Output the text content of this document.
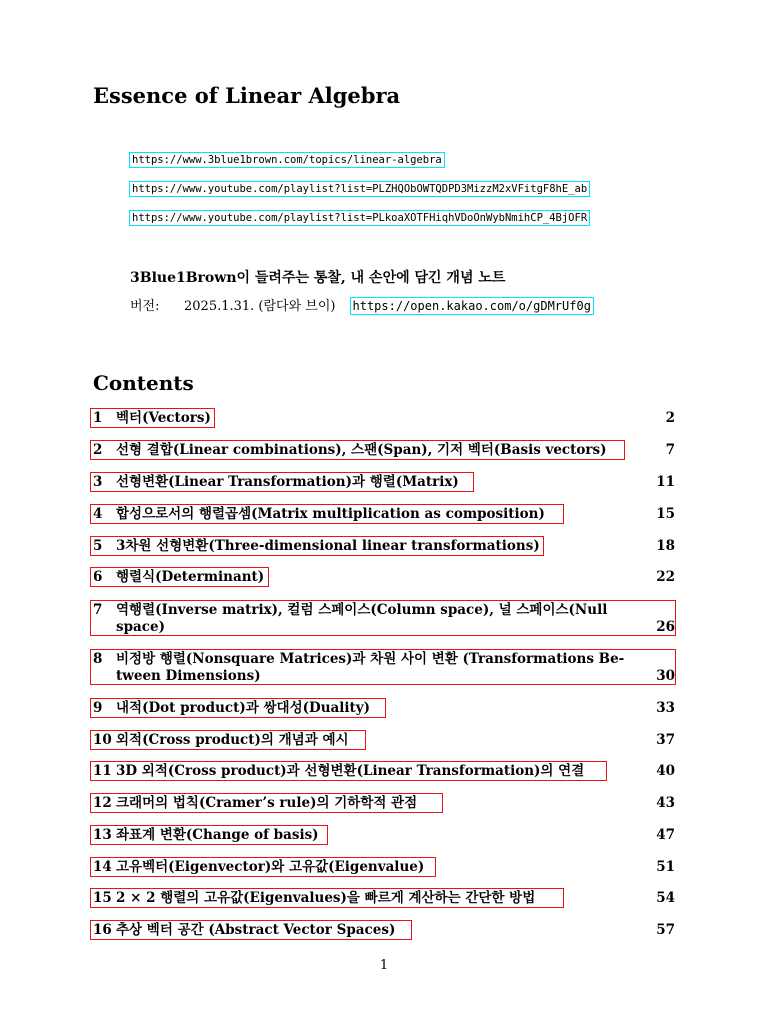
Essence of Linear Algebra
https://www.3blue1brown.com/topics/linear-algebra
https://www.youtube.com/playlist?list=PLZHQObOWTQDPD3MizzM2xVFitgF8hE_ab
https://www.youtube.com/playlist?list=PLkoaXOTFHiqhVDoOnWybNmihCP_4BjOFR
3Blue1Brown이 들려주는 통찰, 내 손안에 담긴 개념 노트
버전: 2025.1.31. (람다와 브이) https://open.kakao.com/o/gDMrUf0g
Contents
1 벡터(Vectors)	2
2 선형 결합(Linear combinations), 스팬(Span), 기저 벡터(Basis vectors)	7
3 선형변환(Linear Transformation)과 행렬(Matrix)	11
4 합성으로서의 행렬곱셈(Matrix multiplication as composition)	15
5 3차원 선형변환(Three-dimensional linear transformations)	18
6 행렬식(Determinant)	22
7 역행렬(Inverse matrix), 컬럼 스페이스(Column space), 널 스페이스(Null
space)	26
8 비정방 행렬(Nonsquare Matrices)과 차원 사이 변환 (Transformations Be-
tween Dimensions)	30
9 내적(Dot product)과 쌍대성(Duality)	33
10 외적(Cross product)의 개념과 예시	37
11 3D 외적(Cross product)과 선형변환(Linear Transformation)의 연결	40
12 크래머의 법칙(Cramer’s rule)의 기하학적 관점	43
13 좌표계 변환(Change of basis)	47
14 고유벡터(Eigenvector)와 고유값(Eigenvalue)	51
15 2 × 2 행렬의 고유값(Eigenvalues)을 빠르게 계산하는 간단한 방법	54
16 추상 벡터 공간 (Abstract Vector Spaces)	57
1
